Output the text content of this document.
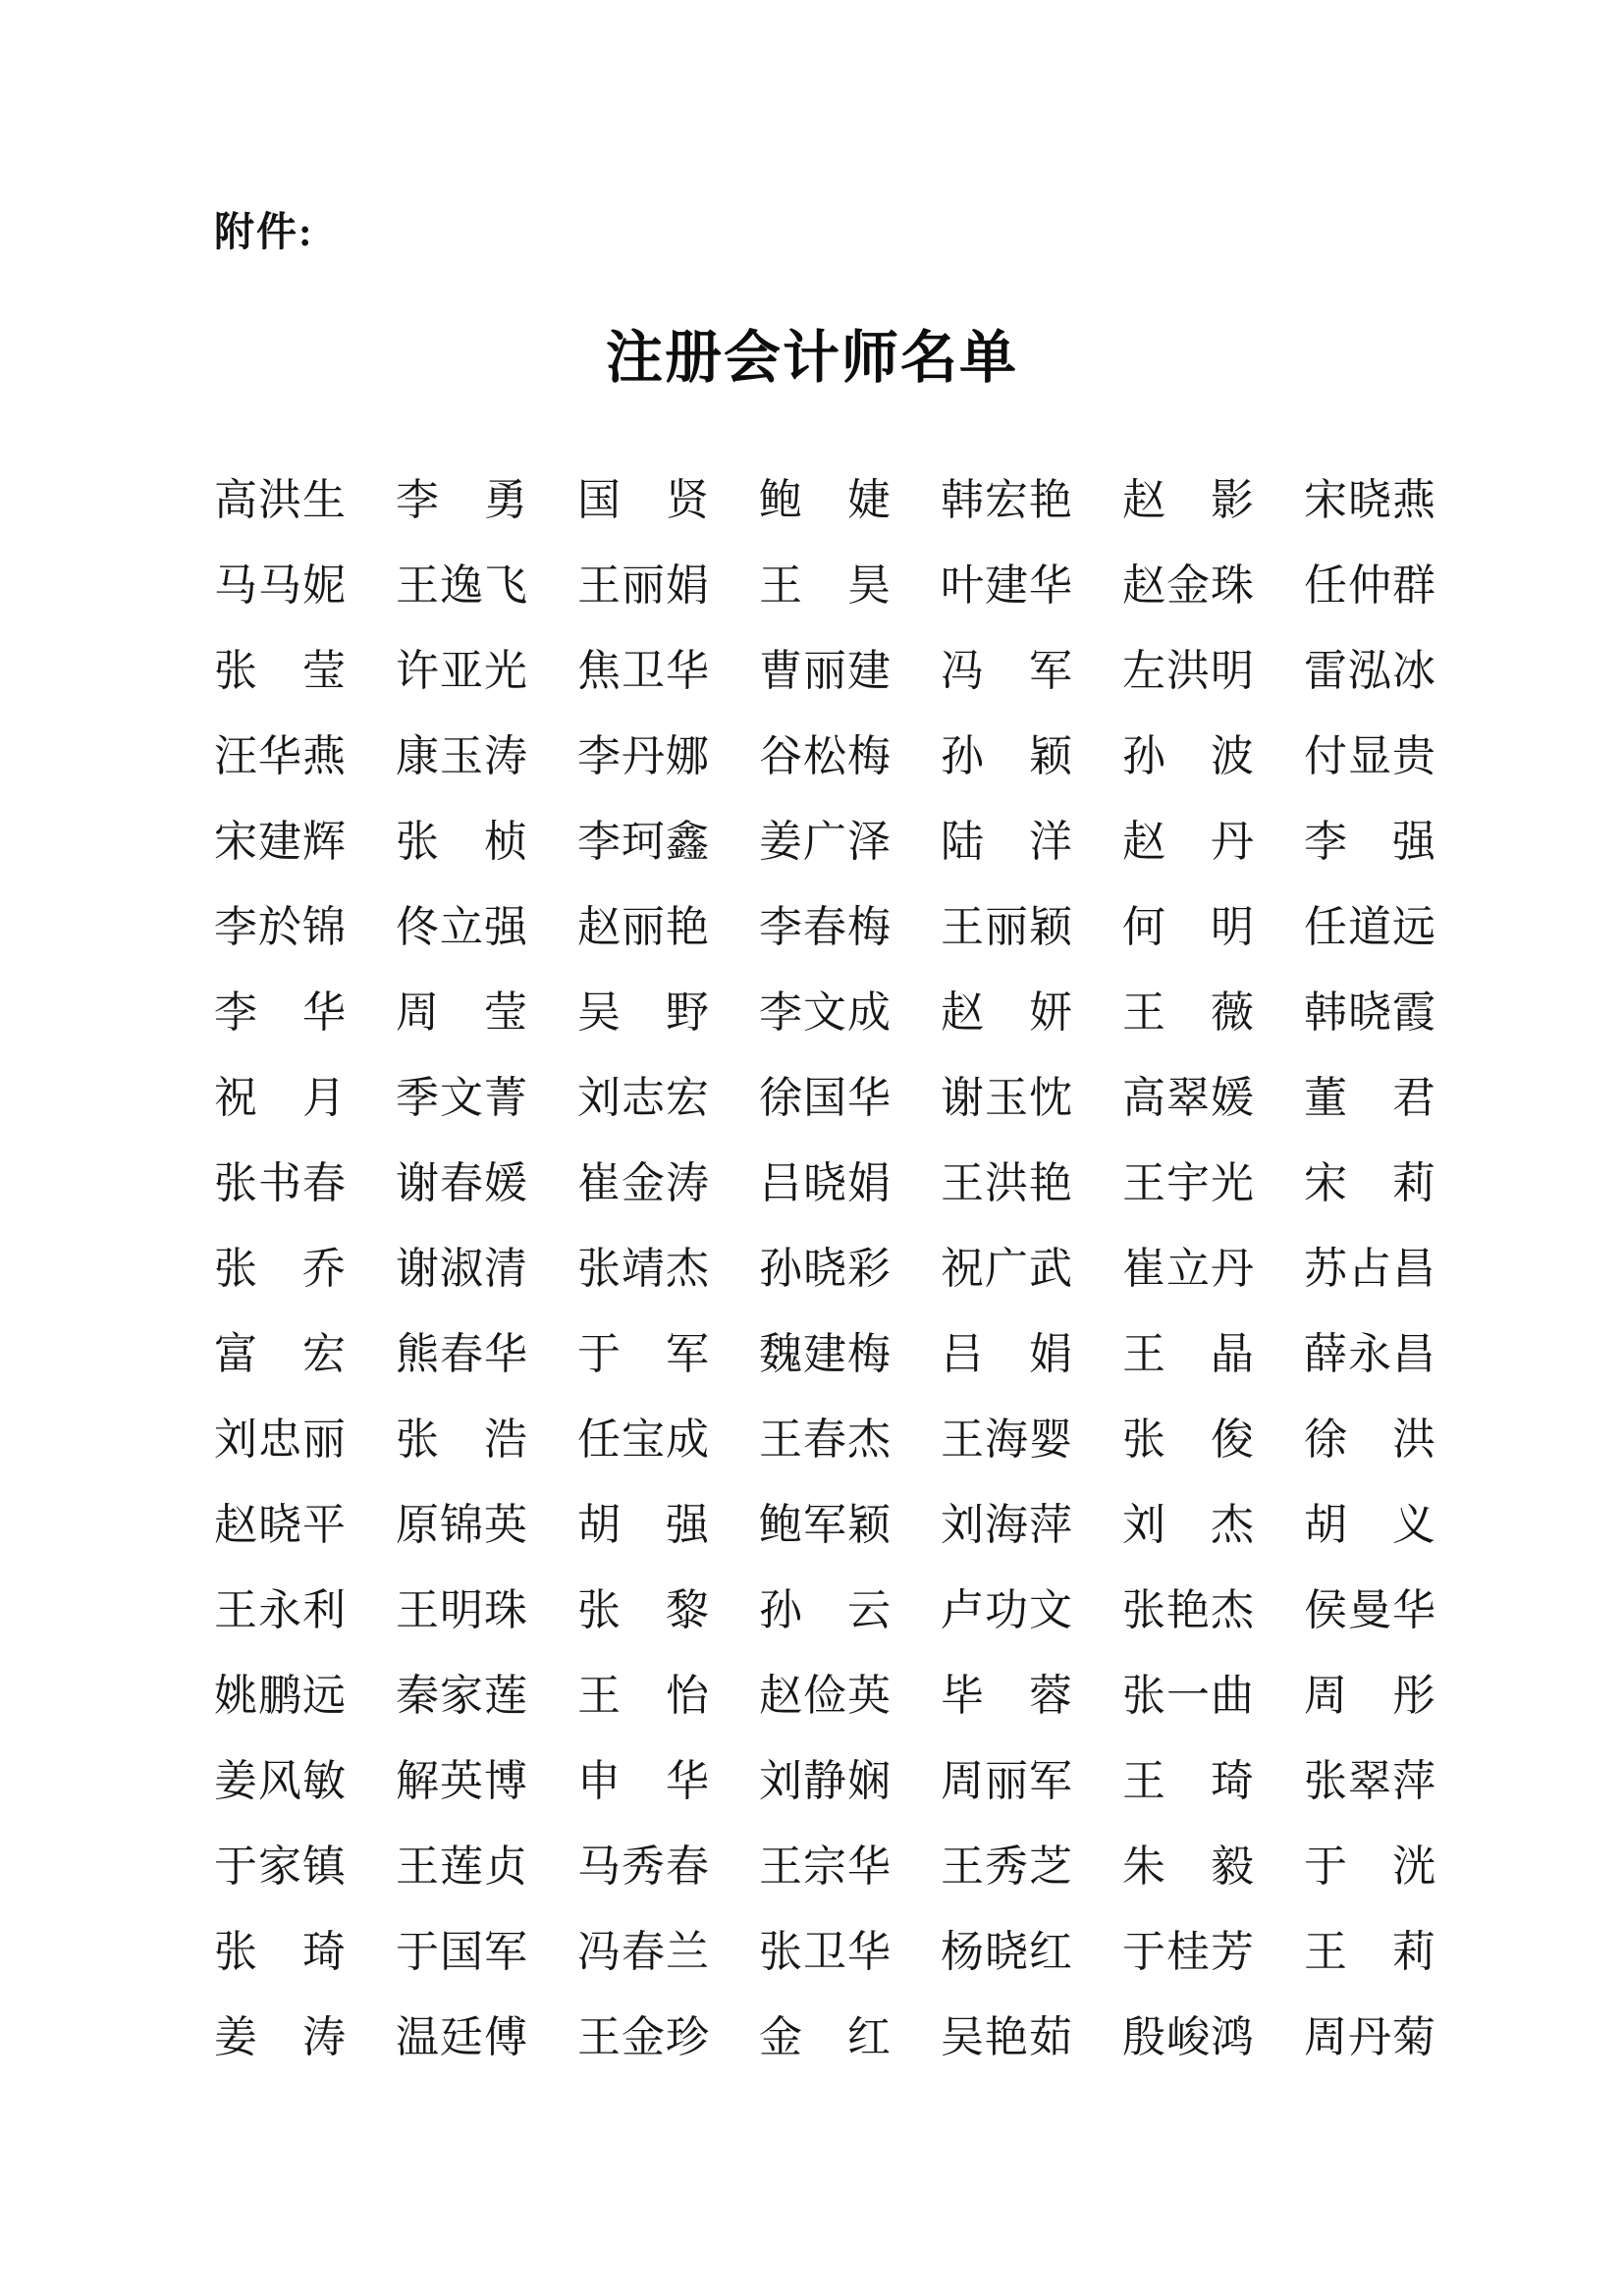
附件:
注册会计师名单
高 洪 生 李 勇 国 贤 鲍 婕 韩 宏 艳 赵 影 宋 晓 燕
马 马 妮 王 逸 飞 王 丽 娟 王 昊 叶 建 华 赵 金 珠 任 仲 群
张 莹 许 亚 光 焦 卫 华 曹 丽 建 冯 军 左 洪 明 雷 泓 冰
汪 华 燕 康 玉 涛 李 丹 娜 谷 松 梅 孙 颖 孙 波 付 显 贵
宋 建 辉 张 桢 李 珂 鑫 姜 广 泽 陆 洋 赵 丹 李 强
李 於 锦 佟 立 强 赵 丽 艳 李 春 梅 王 丽 颖 何 明 任 道 远
李 华 周 莹 吴 野 李 文 成 赵 妍 王 薇 韩 晓 霞
祝 月 季 文 菁 刘 志 宏 徐 国 华 谢 玉 忱 高 翠 媛 董 君
张 书 春 谢 春 媛 崔 金 涛 吕 晓 娟 王 洪 艳 王 宇 光 宋 莉
张 乔 谢 淑 清 张 靖 杰 孙 晓 彩 祝 广 武 崔 立 丹 苏 占 昌
富 宏 熊 春 华 于 军 魏 建 梅 吕 娟 王 晶 薛 永 昌
刘 忠 丽 张 浩 任 宝 成 王 春 杰 王 海 婴 张 俊 徐 洪
赵 晓 平 原 锦 英 胡 强 鲍 军 颖 刘 海 萍 刘 杰 胡 义
王 永 利 王 明 珠 张 黎 孙 云 卢 功 文 张 艳 杰 侯 曼 华
姚 鹏 远 秦 家 莲 王 怡 赵 俭 英 毕 蓉 张 一 曲 周 彤
姜 风 敏 解 英 博 申 华 刘 静 娴 周 丽 军 王 琦 张 翠 萍
于 家 镇 王 莲 贞 马 秀 春 王 宗 华 王 秀 芝 朱 毅 于 洸
张 琦 于 国 军 冯 春 兰 张 卫 华 杨 晓 红 于 桂 芳 王 莉
姜 涛 温 廷 傅 王 金 珍 金 红 吴 艳 茹 殷 峻 鸿 周 丹 菊
